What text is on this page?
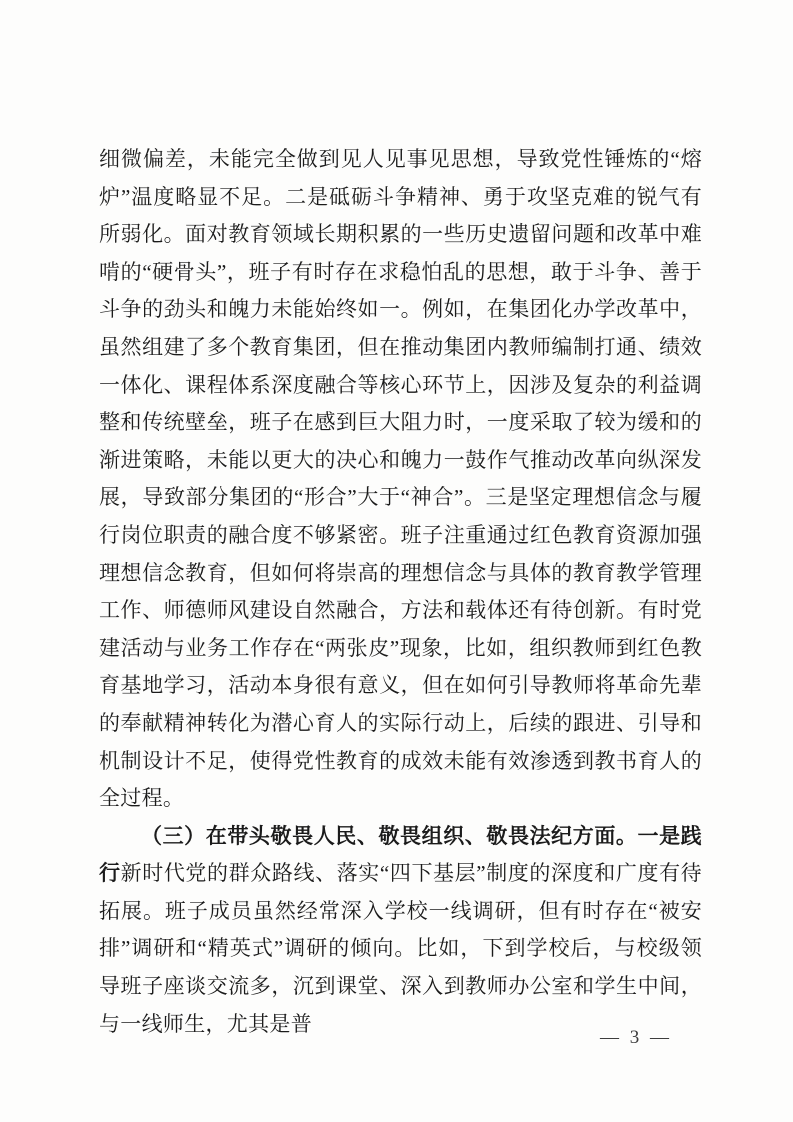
细微偏差，未能完全做到见人见事见思想，导致党性锤炼的“熔炉”温度略显不足。二是砥砺斗争精神、勇于攻坚克难的锐气有所弱化。面对教育领域长期积累的一些历史遗留问题和改革中难啃的“硬骨头”，班子有时存在求稳怕乱的思想，敢于斗争、善于斗争的劲头和魄力未能始终如一。例如，在集团化办学改革中，虽然组建了多个教育集团，但在推动集团内教师编制打通、绩效一体化、课程体系深度融合等核心环节上，因涉及复杂的利益调整和传统壁垒，班子在感到巨大阻力时，一度采取了较为缓和的渐进策略，未能以更大的决心和魄力一鼓作气推动改革向纵深发展，导致部分集团的“形合”大于“神合”。三是坚定理想信念与履行岗位职责的融合度不够紧密。班子注重通过红色教育资源加强理想信念教育，但如何将崇高的理想信念与具体的教育教学管理工作、师德师风建设自然融合，方法和载体还有待创新。有时党建活动与业务工作存在“两张皮”现象，比如，组织教师到红色教育基地学习，活动本身很有意义，但在如何引导教师将革命先辈的奉献精神转化为潜心育人的实际行动上，后续的跟进、引导和机制设计不足，使得党性教育的成效未能有效渗透到教书育人的全过程。

（三）在带头敬畏人民、敬畏组织、敬畏法纪方面。一是践行新时代党的群众路线、落实“四下基层”制度的深度和广度有待拓展。班子成员虽然经常深入学校一线调研，但有时存在“被安排”调研和“精英式”调研的倾向。比如，下到学校后，与校级领导班子座谈交流多，沉到课堂、深入到教师办公室和学生中间，与一线师生，尤其是普

— 3 —
